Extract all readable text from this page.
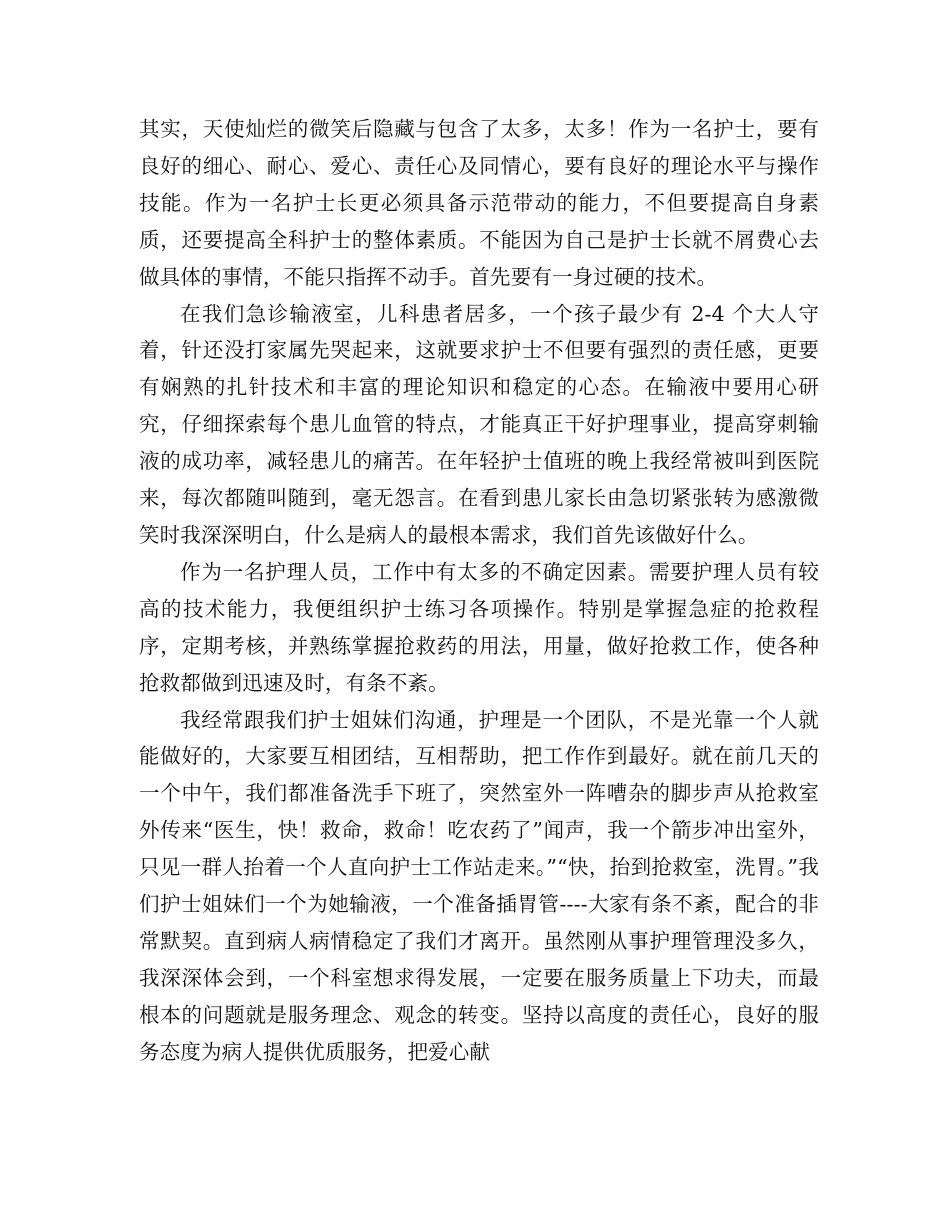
其实，天使灿烂的微笑后隐藏与包含了太多，太多！作为一名护士，要有良好的细心、耐心、爱心、责任心及同情心，要有良好的理论水平与操作技能。作为一名护士长更必须具备示范带动的能力，不但要提高自身素质，还要提高全科护士的整体素质。不能因为自己是护士长就不屑费心去做具体的事情，不能只指挥不动手。首先要有一身过硬的技术。

在我们急诊输液室，儿科患者居多，一个孩子最少有 2-4 个大人守着，针还没打家属先哭起来，这就要求护士不但要有强烈的责任感，更要有娴熟的扎针技术和丰富的理论知识和稳定的心态。在输液中要用心研究，仔细探索每个患儿血管的特点，才能真正干好护理事业，提高穿刺输液的成功率，减轻患儿的痛苦。在年轻护士值班的晚上我经常被叫到医院来，每次都随叫随到，毫无怨言。在看到患儿家长由急切紧张转为感激微笑时我深深明白，什么是病人的最根本需求，我们首先该做好什么。

作为一名护理人员，工作中有太多的不确定因素。需要护理人员有较高的技术能力，我便组织护士练习各项操作。特别是掌握急症的抢救程序，定期考核，并熟练掌握抢救药的用法，用量，做好抢救工作，使各种抢救都做到迅速及时，有条不紊。

我经常跟我们护士姐妹们沟通，护理是一个团队，不是光靠一个人就能做好的，大家要互相团结，互相帮助，把工作作到最好。就在前几天的一个中午，我们都准备洗手下班了，突然室外一阵嘈杂的脚步声从抢救室外传来“医生，快！救命，救命！吃农药了”闻声，我一个箭步冲出室外，只见一群人抬着一个人直向护士工作站走来。”“快，抬到抢救室，洗胃。”我们护士姐妹们一个为她输液，一个准备插胃管----大家有条不紊，配合的非常默契。直到病人病情稳定了我们才离开。虽然刚从事护理管理没多久，我深深体会到，一个科室想求得发展，一定要在服务质量上下功夫，而最根本的问题就是服务理念、观念的转变。坚持以高度的责任心，良好的服务态度为病人提供优质服务，把爱心献
